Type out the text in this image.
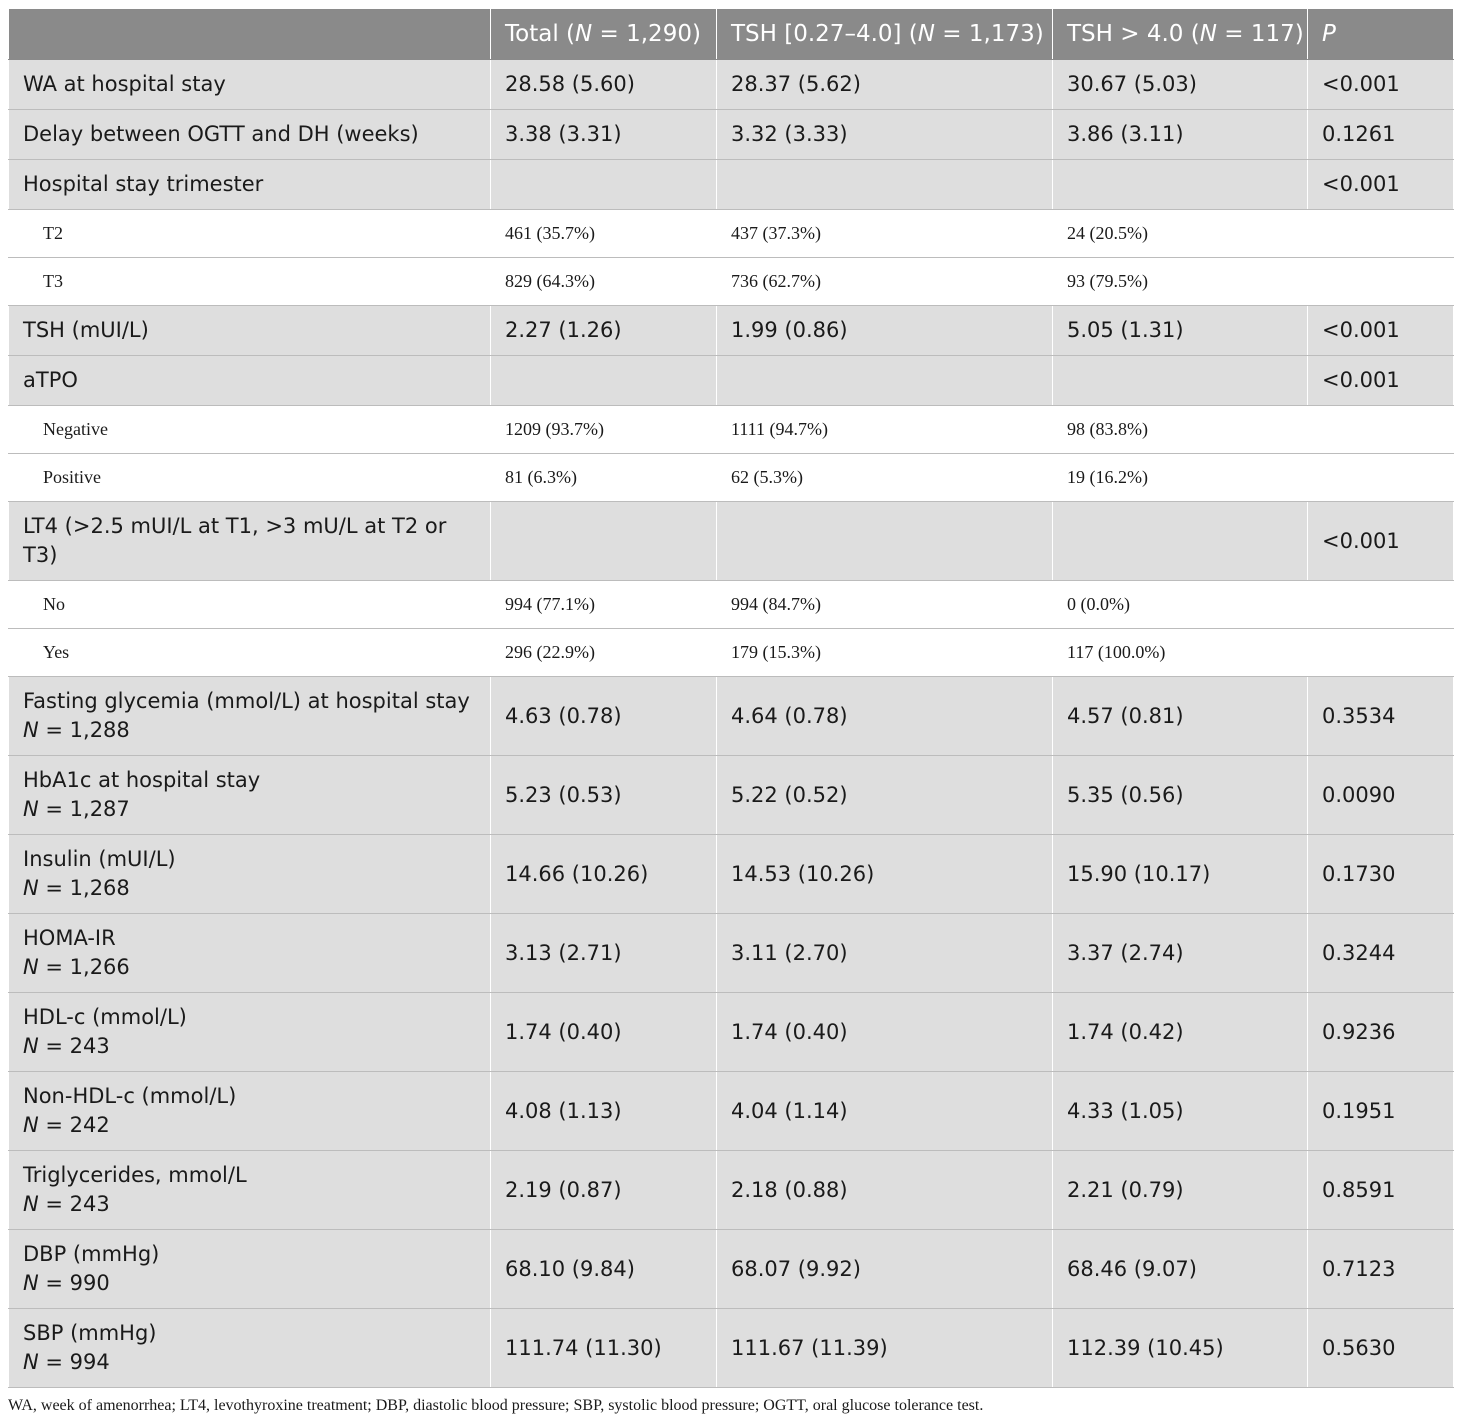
	Total (N = 1,290)	TSH [0.27–4.0] (N = 1,173)	TSH > 4.0 (N = 117)	P
WA at hospital stay	28.58 (5.60)	28.37 (5.62)	30.67 (5.03)	<0.001
Delay between OGTT and DH (weeks)	3.38 (3.31)	3.32 (3.33)	3.86 (3.11)	0.1261
Hospital stay trimester				<0.001
T2	461 (35.7%)	437 (37.3%)	24 (20.5%)	
T3	829 (64.3%)	736 (62.7%)	93 (79.5%)	
TSH (mUI/L)	2.27 (1.26)	1.99 (0.86)	5.05 (1.31)	<0.001
aTPO				<0.001
Negative	1209 (93.7%)	1111 (94.7%)	98 (83.8%)	
Positive	81 (6.3%)	62 (5.3%)	19 (16.2%)	
LT4 (>2.5 mUI/L at T1, >3 mU/L at T2 or T3)				<0.001
No	994 (77.1%)	994 (84.7%)	0 (0.0%)	
Yes	296 (22.9%)	179 (15.3%)	117 (100.0%)	
Fasting glycemia (mmol/L) at hospital stay
N = 1,288	4.63 (0.78)	4.64 (0.78)	4.57 (0.81)	0.3534
HbA1c at hospital stay
N = 1,287	5.23 (0.53)	5.22 (0.52)	5.35 (0.56)	0.0090
Insulin (mUI/L)
N = 1,268	14.66 (10.26)	14.53 (10.26)	15.90 (10.17)	0.1730
HOMA-IR
N = 1,266	3.13 (2.71)	3.11 (2.70)	3.37 (2.74)	0.3244
HDL-c (mmol/L)
N = 243	1.74 (0.40)	1.74 (0.40)	1.74 (0.42)	0.9236
Non-HDL-c (mmol/L)
N = 242	4.08 (1.13)	4.04 (1.14)	4.33 (1.05)	0.1951
Triglycerides, mmol/L
N = 243	2.19 (0.87)	2.18 (0.88)	2.21 (0.79)	0.8591
DBP (mmHg)
N = 990	68.10 (9.84)	68.07 (9.92)	68.46 (9.07)	0.7123
SBP (mmHg)
N = 994	111.74 (11.30)	111.67 (11.39)	112.39 (10.45)	0.5630
WA, week of amenorrhea; LT4, levothyroxine treatment; DBP, diastolic blood pressure; SBP, systolic blood pressure; OGTT, oral glucose tolerance test.
